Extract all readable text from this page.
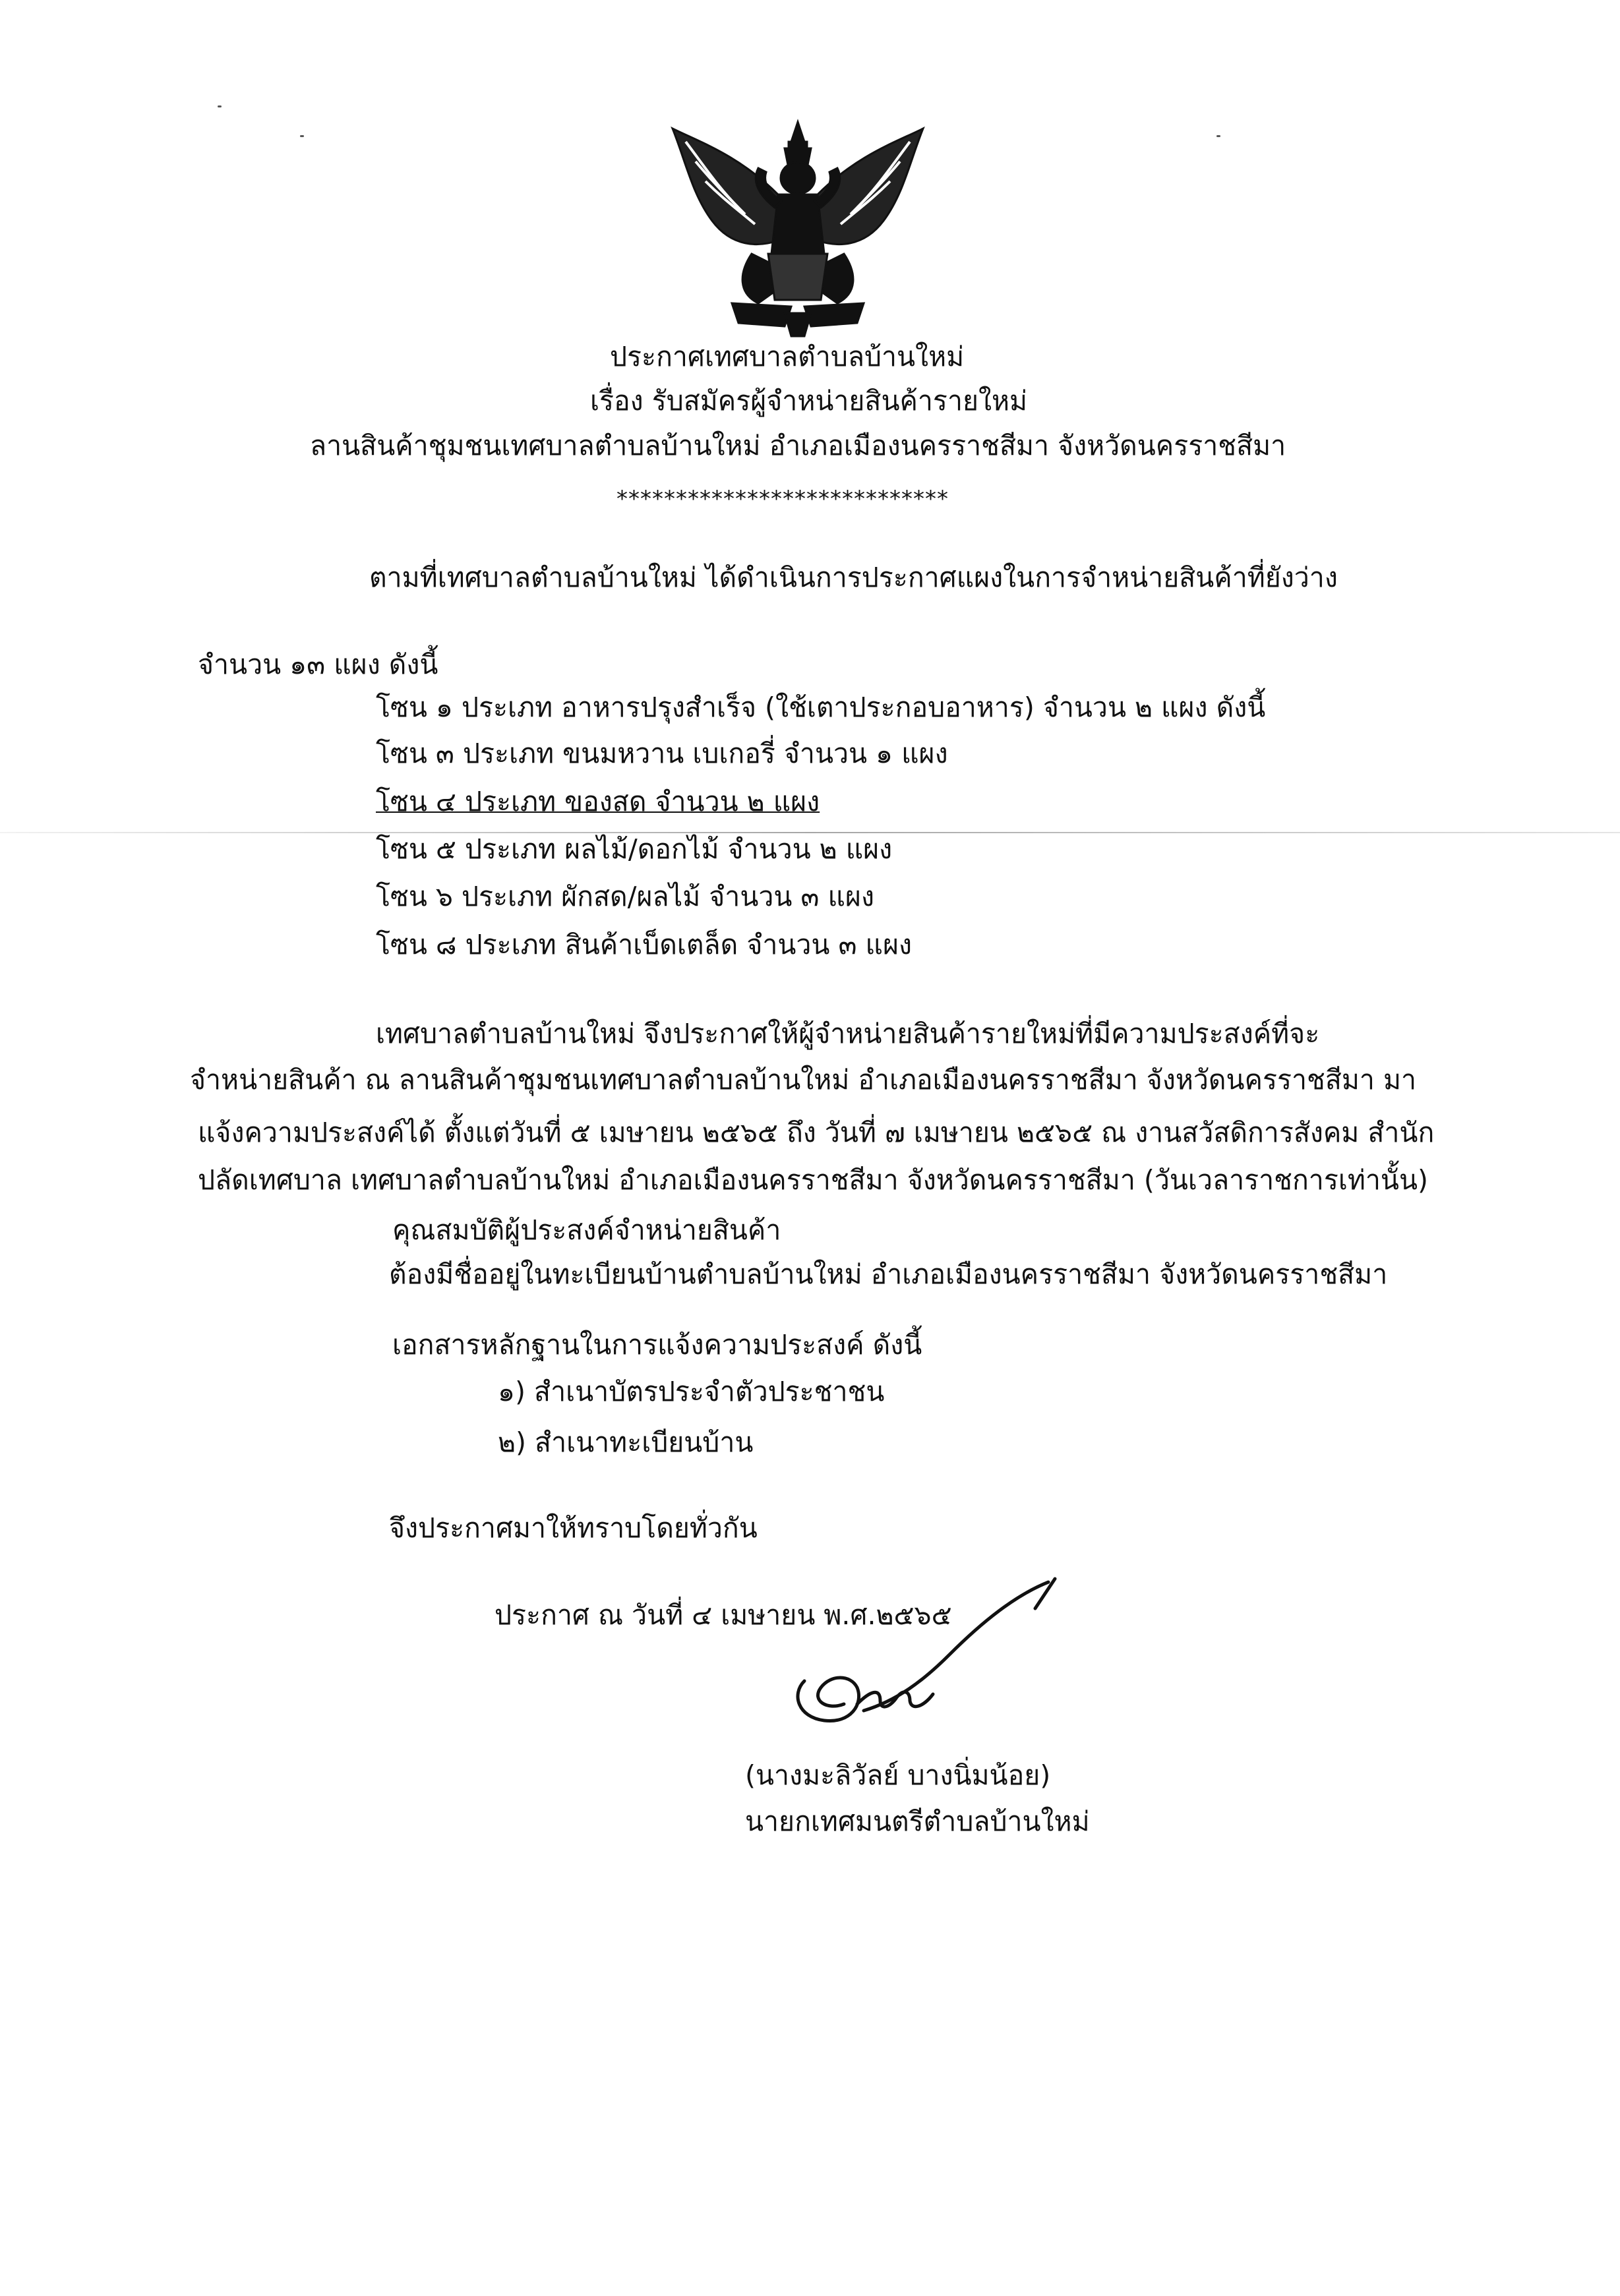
ประกาศเทศบาลตำบลบ้านใหม่
เรื่อง รับสมัครผู้จำหน่ายสินค้ารายใหม่
ลานสินค้าชุมชนเทศบาลตำบลบ้านใหม่ อำเภอเมืองนครราชสีมา จังหวัดนครราชสีมา
****************************
ตามที่เทศบาลตำบลบ้านใหม่ ได้ดำเนินการประกาศแผงในการจำหน่ายสินค้าที่ยังว่าง
จำนวน ๑๓ แผง ดังนี้
โซน ๑ ประเภท อาหารปรุงสำเร็จ (ใช้เตาประกอบอาหาร) จำนวน ๒ แผง ดังนี้
โซน ๓ ประเภท ขนมหวาน เบเกอรี่ จำนวน ๑ แผง
โซน ๔ ประเภท ของสด จำนวน ๒ แผง
โซน ๕ ประเภท ผลไม้/ดอกไม้ จำนวน ๒ แผง
โซน ๖ ประเภท ผักสด/ผลไม้ จำนวน ๓ แผง
โซน ๘ ประเภท สินค้าเบ็ดเตล็ด จำนวน ๓ แผง
เทศบาลตำบลบ้านใหม่ จึงประกาศให้ผู้จำหน่ายสินค้ารายใหม่ที่มีความประสงค์ที่จะ
จำหน่ายสินค้า ณ ลานสินค้าชุมชนเทศบาลตำบลบ้านใหม่ อำเภอเมืองนครราชสีมา จังหวัดนครราชสีมา มา
แจ้งความประสงค์ได้ ตั้งแต่วันที่ ๕ เมษายน ๒๕๖๕ ถึง วันที่ ๗ เมษายน ๒๕๖๕ ณ งานสวัสดิการสังคม สำนัก
ปลัดเทศบาล เทศบาลตำบลบ้านใหม่ อำเภอเมืองนครราชสีมา จังหวัดนครราชสีมา (วันเวลาราชการเท่านั้น)
คุณสมบัติผู้ประสงค์จำหน่ายสินค้า
ต้องมีชื่ออยู่ในทะเบียนบ้านตำบลบ้านใหม่ อำเภอเมืองนครราชสีมา จังหวัดนครราชสีมา
เอกสารหลักฐานในการแจ้งความประสงค์ ดังนี้
๑) สำเนาบัตรประจำตัวประชาชน
๒) สำเนาทะเบียนบ้าน
จึงประกาศมาให้ทราบโดยทั่วกัน
ประกาศ ณ วันที่ ๔ เมษายน พ.ศ.๒๕๖๕
(นางมะลิวัลย์ บางนิ่มน้อย)
นายกเทศมนตรีตำบลบ้านใหม่
